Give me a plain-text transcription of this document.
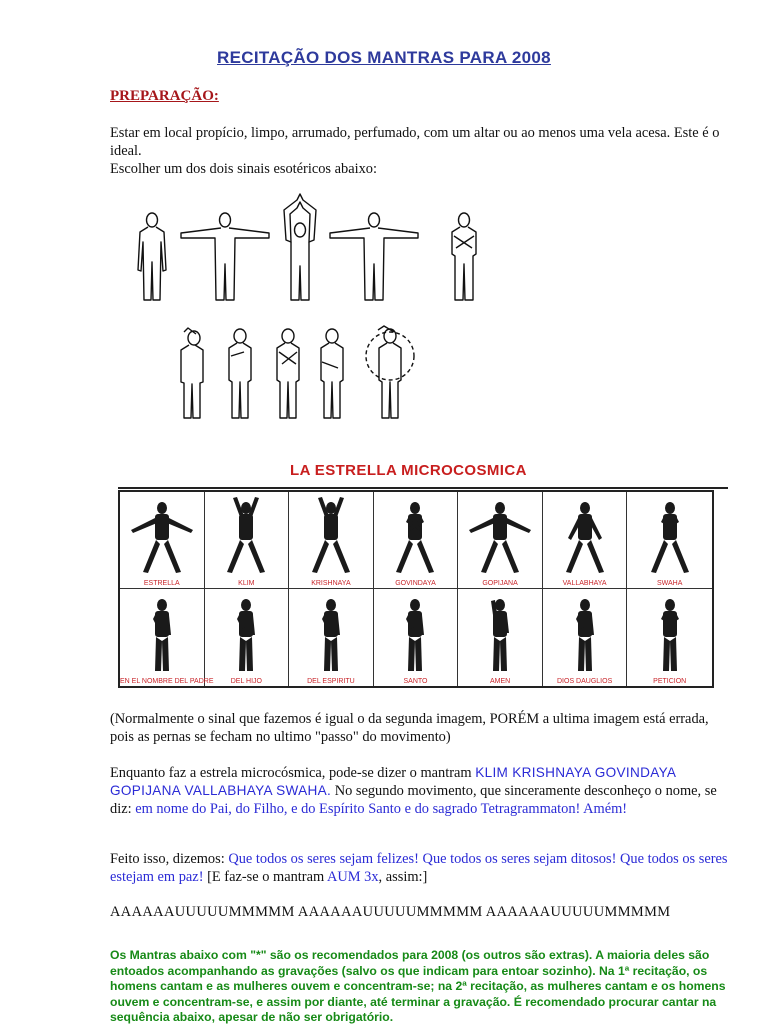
RECITAÇÃO DOS MANTRAS PARA 2008
PREPARAÇÃO:
Estar em local propício, limpo, arrumado, perfumado, com um altar ou ao menos uma vela acesa. Este é o ideal.
Escolher um dos dois sinais esotéricos abaixo:
LA ESTRELLA MICROCOSMICA
ESTRELLA	KLIM	KRISHNAYA	GOVINDAYA	GOPIJANA	VALLABHAYA	SWAHA
EN EL NOMBRE DEL PADRE	DEL HIJO	DEL ESPIRITU	SANTO	AMEN	DIOS DAUGLIOS	PETICION
(Normalmente o sinal que fazemos é igual o da segunda imagem, PORÉM a ultima imagem está errada, pois as pernas se fecham no ultimo "passo" do movimento)
Enquanto faz a estrela microcósmica, pode-se dizer o mantram KLIM KRISHNAYA GOVINDAYA GOPIJANA VALLABHAYA SWAHA. No segundo movimento, que sinceramente desconheço o nome, se diz: em nome do Pai, do Filho, e do Espírito Santo e do sagrado Tetragrammaton! Amém!
Feito isso, dizemos: Que todos os seres sejam felizes! Que todos os seres sejam ditosos! Que todos os seres estejam em paz! [E faz-se o mantram AUM 3x, assim:]
AAAAAAUUUUUMMMMM AAAAAAUUUUUMMMMM AAAAAAUUUUUMMMMM
Os Mantras abaixo com "*" são os recomendados para 2008 (os outros são extras). A maioria deles são entoados acompanhando as gravações (salvo os que indicam para entoar sozinho). Na 1ª recitação, os homens cantam e as mulheres ouvem e concentram-se; na 2ª recitação, as mulheres cantam e os homens ouvem e concentram-se, e assim por diante, até terminar a gravação. É recomendado procurar cantar na sequência abaixo, apesar de não ser obrigatório.
